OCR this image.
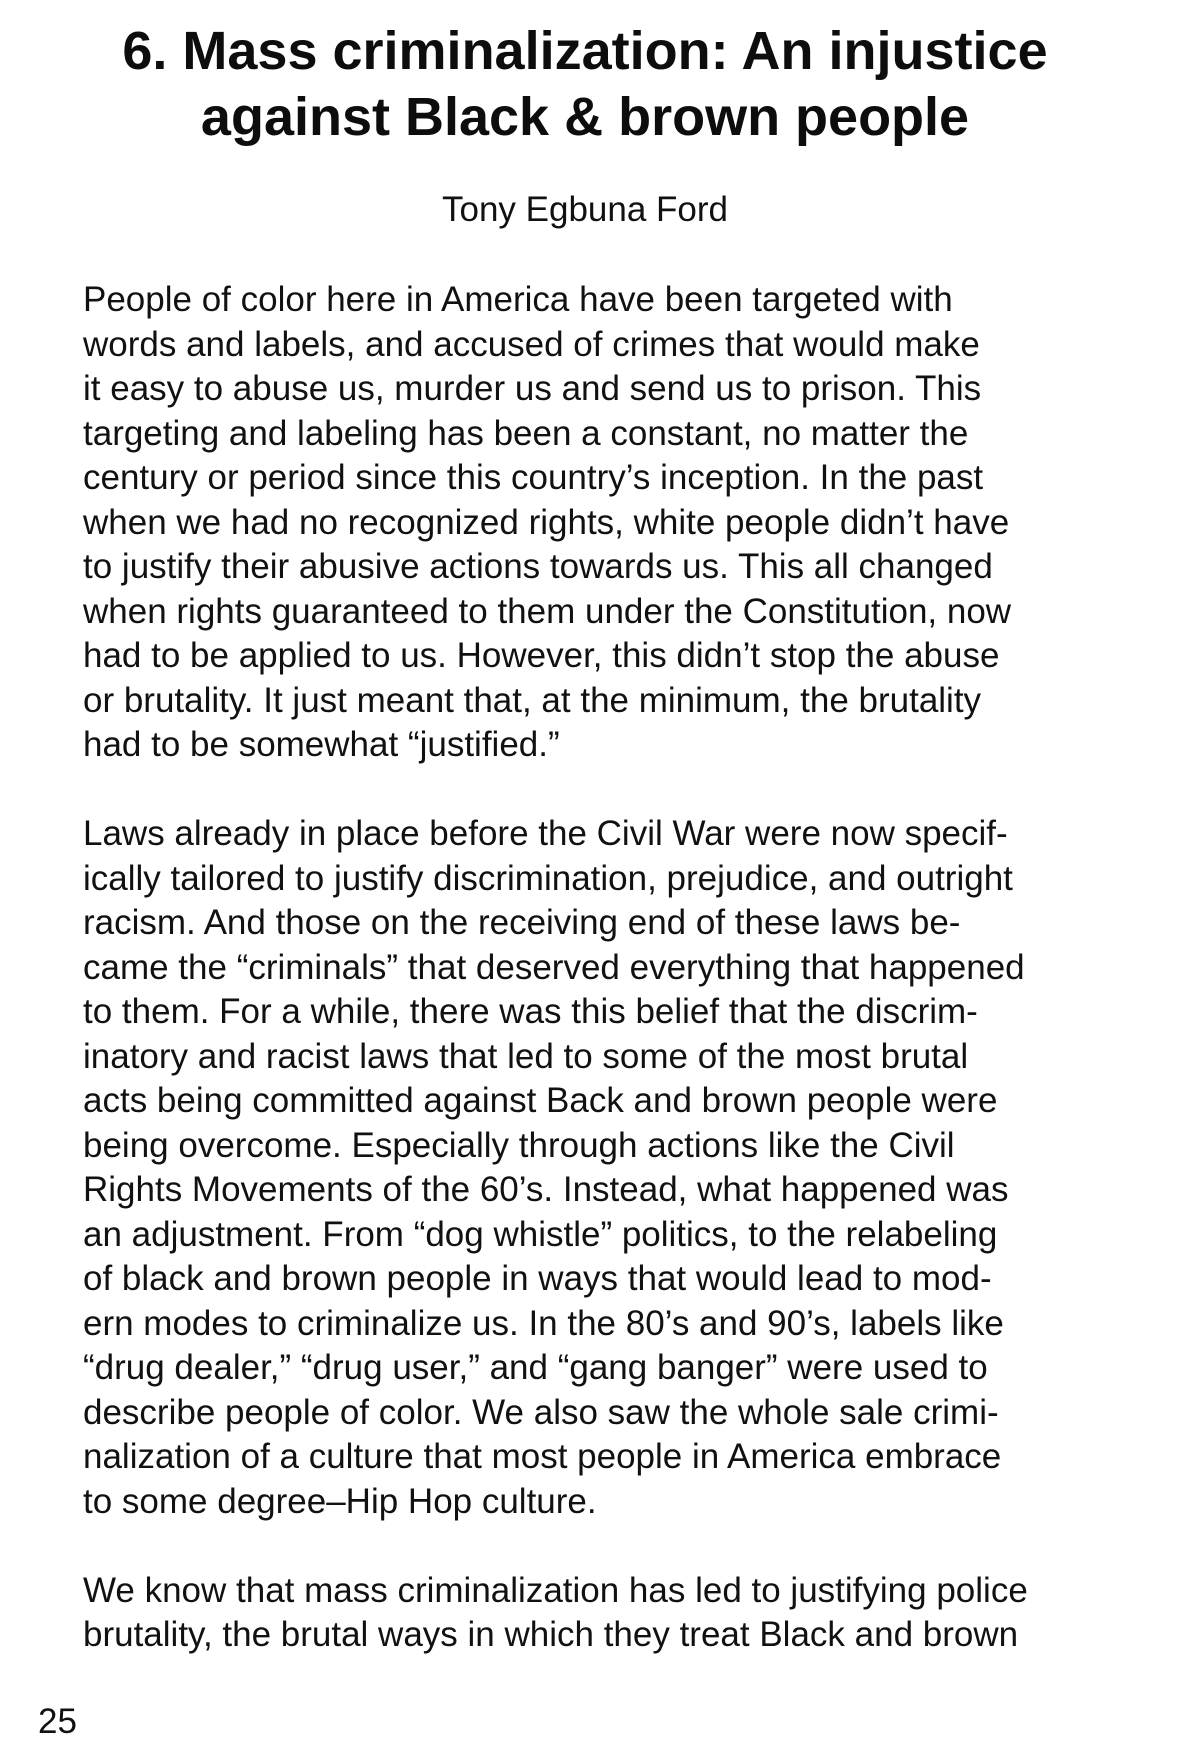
6. Mass criminalization: An injustice
against Black & brown people
Tony Egbuna Ford

People of color here in America have been targeted with
words and labels, and accused of crimes that would make
it easy to abuse us, murder us and send us to prison. This
targeting and labeling has been a constant, no matter the
century or period since this country’s inception. In the past
when we had no recognized rights, white people didn’t have
to justify their abusive actions towards us. This all changed
when rights guaranteed to them under the Constitution, now
had to be applied to us. However, this didn’t stop the abuse
or brutality. It just meant that, at the minimum, the brutality
had to be somewhat “justified.”

Laws already in place before the Civil War were now specif-
ically tailored to justify discrimination, prejudice, and outright
racism. And those on the receiving end of these laws be-
came the “criminals” that deserved everything that happened
to them. For a while, there was this belief that the discrim-
inatory and racist laws that led to some of the most brutal
acts being committed against Back and brown people were
being overcome. Especially through actions like the Civil
Rights Movements of the 60’s. Instead, what happened was
an adjustment. From “dog whistle” politics, to the relabeling
of black and brown people in ways that would lead to mod-
ern modes to criminalize us. In the 80’s and 90’s, labels like
“drug dealer,” “drug user,” and “gang banger” were used to
describe people of color. We also saw the whole sale crimi-
nalization of a culture that most people in America embrace
to some degree–Hip Hop culture.

We know that mass criminalization has led to justifying police
brutality, the brutal ways in which they treat Black and brown

25
